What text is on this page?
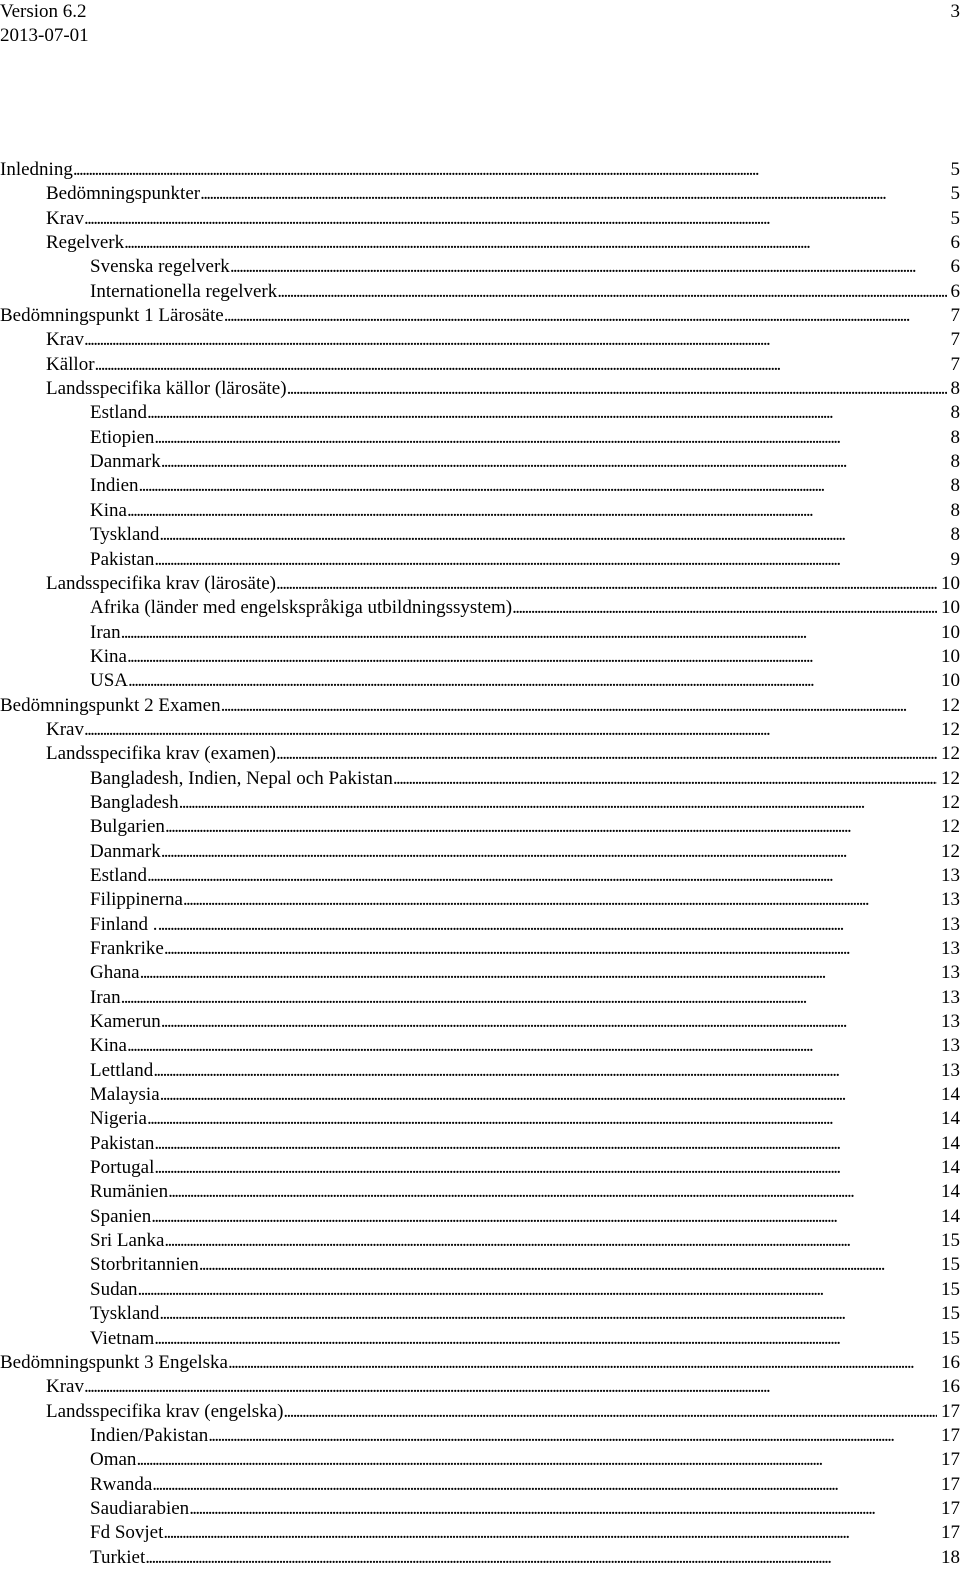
Version 6.2
2013-07-01
3
Inledning . . .	5
Bedömningspunkter . . .	5
Krav . . .	5
Regelverk . . .	6
Svenska regelverk . . .	6
Internationella regelverk . . .	6
Bedömningspunkt 1 Lärosäte . . .	7
Krav . . .	7
Källor . . .	7
Landsspecifika källor (lärosäte) . . .	8
Estland . . .	8
Etiopien . . .	8
Danmark . . .	8
Indien . . .	8
Kina . . .	8
Tyskland . . .	8
Pakistan . . .	9
Landsspecifika krav (lärosäte) . . .	10
Afrika (länder med engelskspråkiga utbildningssystem) . . .	10
Iran . . .	10
Kina . . .	10
USA . . .	10
Bedömningspunkt 2 Examen . . .	12
Krav . . .	12
Landsspecifika krav (examen) . . .	12
Bangladesh, Indien, Nepal och Pakistan . . .	12
Bangladesh . . .	12
Bulgarien . . .	12
Danmark . . .	12
Estland . . .	13
Filippinerna . . .	13
Finland . . . .	13
Frankrike . . .	13
Ghana . . .	13
Iran . . .	13
Kamerun . . .	13
Kina . . .	13
Lettland . . .	13
Malaysia . . .	14
Nigeria . . .	14
Pakistan . . .	14
Portugal . . .	14
Rumänien . . .	14
Spanien . . .	14
Sri Lanka . . .	15
Storbritannien . . .	15
Sudan . . .	15
Tyskland . . .	15
Vietnam . . .	15
Bedömningspunkt 3 Engelska . . .	16
Krav . . .	16
Landsspecifika krav (engelska) . . .	17
Indien/Pakistan . . .	17
Oman . . .	17
Rwanda . . .	17
Saudiarabien . . .	17
Fd Sovjet . . .	17
Turkiet . . .	18
